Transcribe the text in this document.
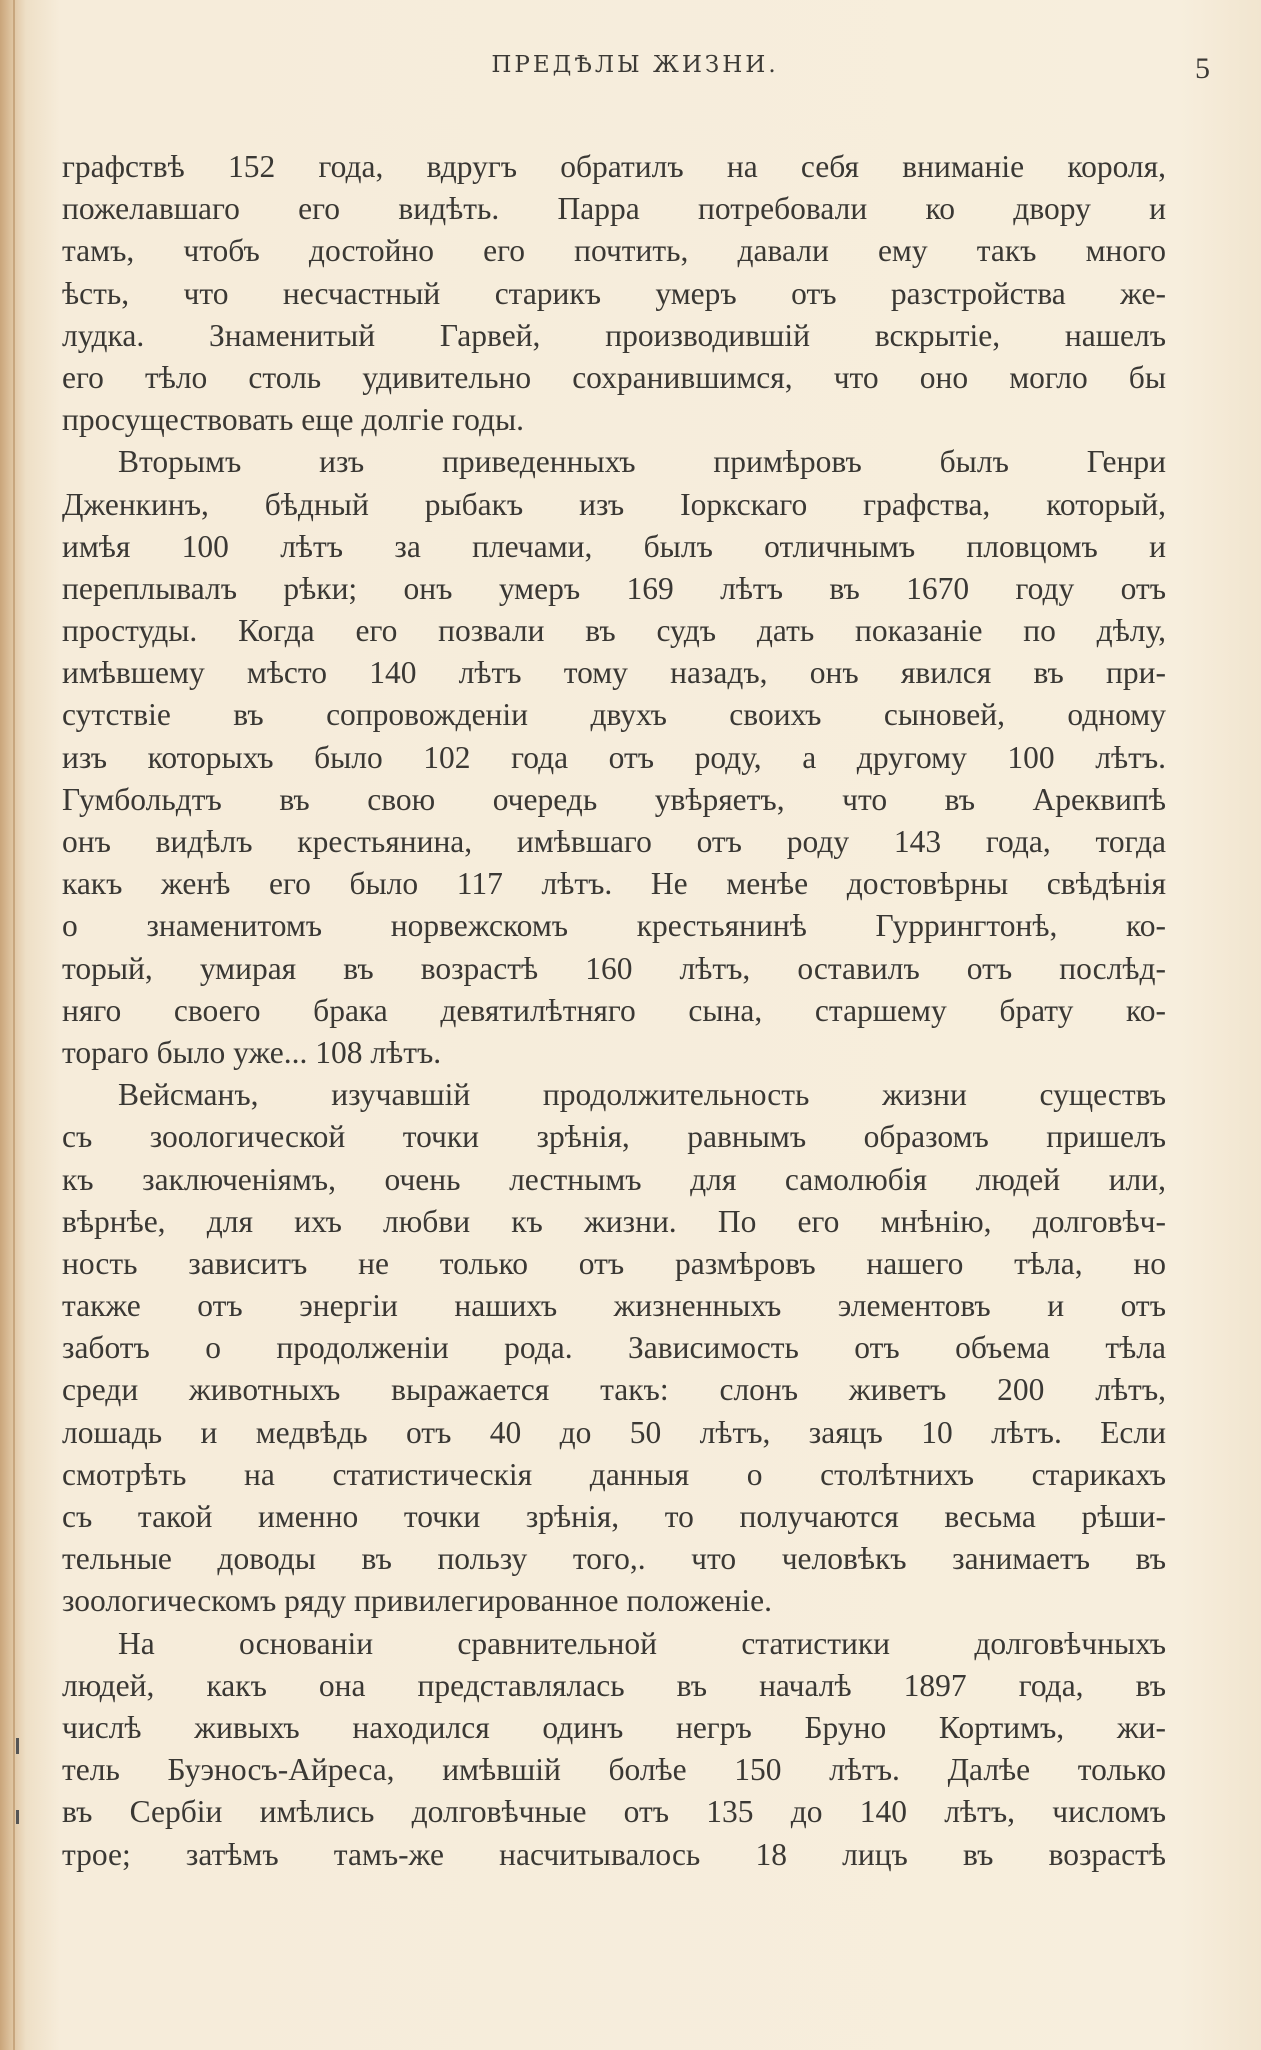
ПРЕДѢЛЫ ЖИЗНИ.	5
графствѣ 152 года, вдругъ обратилъ на себя вниманіе короля,
пожелавшаго его видѣть. Парра потребовали ко двору и
тамъ, чтобъ достойно его почтить, давали ему такъ много
ѣсть, что несчастный старикъ умеръ отъ разстройства же-
лудка. Знаменитый Гарвей, производившій вскрытіе, нашелъ
его тѣло столь удивительно сохранившимся, что оно могло бы
просуществовать еще долгіе годы.
Вторымъ изъ приведенныхъ примѣровъ былъ Генри
Дженкинъ, бѣдный рыбакъ изъ Іоркскаго графства, который,
имѣя 100 лѣтъ за плечами, былъ отличнымъ пловцомъ и
переплывалъ рѣки; онъ умеръ 169 лѣтъ въ 1670 году отъ
простуды. Когда его позвали въ судъ дать показаніе по дѣлу,
имѣвшему мѣсто 140 лѣтъ тому назадъ, онъ явился въ при-
сутствіе въ сопровожденіи двухъ своихъ сыновей, одному
изъ которыхъ было 102 года отъ роду, а другому 100 лѣтъ.
Гумбольдтъ въ свою очередь увѣряетъ, что въ Ареквипѣ
онъ видѣлъ крестьянина, имѣвшаго отъ роду 143 года, тогда
какъ женѣ его было 117 лѣтъ. Не менѣе достовѣрны свѣдѣнія
о знаменитомъ норвежскомъ крестьянинѣ Гуррингтонѣ, ко-
торый, умирая въ возрастѣ 160 лѣтъ, оставилъ отъ послѣд-
няго своего брака девятилѣтняго сына, старшему брату ко-
тораго было уже... 108 лѣтъ.
Вейсманъ, изучавшій продолжительность жизни существъ
съ зоологической точки зрѣнія, равнымъ образомъ пришелъ
къ заключеніямъ, очень лестнымъ для самолюбія людей или,
вѣрнѣе, для ихъ любви къ жизни. По его мнѣнію, долговѣч-
ность зависитъ не только отъ размѣровъ нашего тѣла, но
также отъ энергіи нашихъ жизненныхъ элементовъ и отъ
заботъ о продолженіи рода. Зависимость отъ объема тѣла
среди животныхъ выражается такъ: слонъ живетъ 200 лѣтъ,
лошадь и медвѣдь отъ 40 до 50 лѣтъ, заяцъ 10 лѣтъ. Если
смотрѣть на статистическія данныя о столѣтнихъ старикахъ
съ такой именно точки зрѣнія, то получаются весьма рѣши-
тельные доводы въ пользу того,. что человѣкъ занимаетъ въ
зоологическомъ ряду привилегированное положеніе.
На основаніи сравнительной статистики долговѣчныхъ
людей, какъ она представлялась въ началѣ 1897 года, въ
числѣ живыхъ находился одинъ негръ Бруно Кортимъ, жи-
тель Буэносъ-Айреса, имѣвшій болѣе 150 лѣтъ. Далѣе только
въ Сербіи имѣлись долговѣчные отъ 135 до 140 лѣтъ, числомъ
трое; затѣмъ тамъ-же насчитывалось 18 лицъ въ возрастѣ
